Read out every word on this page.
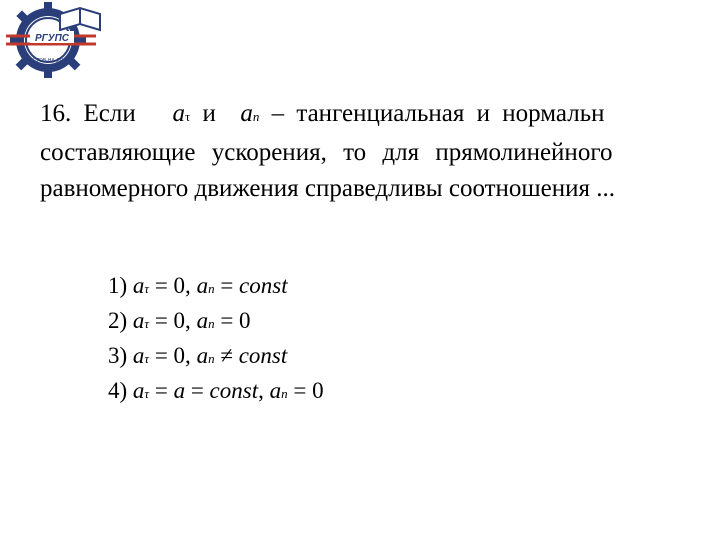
РГУПС
РОСТОВ-НА-ДОНУ
16. Если aτ и an – тангенциальная и нормальн
составляющие ускорения, то для прямолинейного
равномерного движения справедливы соотношения ...
1) aτ = 0, an = const
2) aτ = 0, an = 0
3) aτ = 0, an ≠ const
4) aτ = a = const, an = 0
